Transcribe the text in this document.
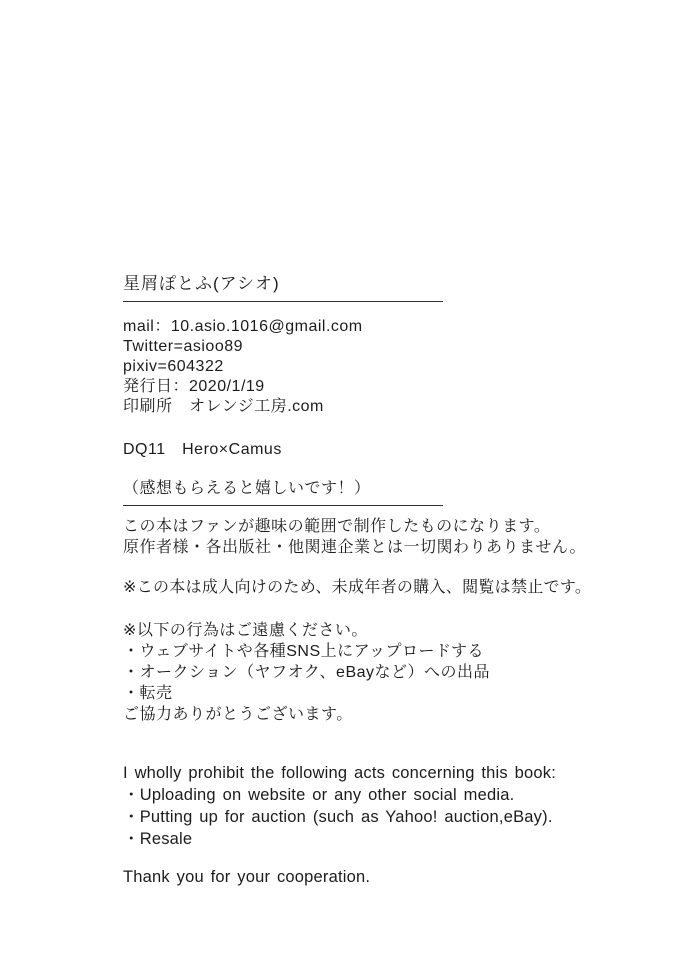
星屑ぽとふ(アシオ)
mail：10.asio.1016@gmail.com
Twitter=asioo89
pixiv=604322
発行日：2020/1/19
印刷所　オレンジ工房.com
DQ11　Hero×Camus
（感想もらえると嬉しいです！）
この本はファンが趣味の範囲で制作したものになります。
原作者様・各出版社・他関連企業とは一切関わりありません。
※この本は成人向けのため、未成年者の購入、閲覧は禁止です。
※以下の行為はご遠慮ください。
・ウェブサイトや各種SNS上にアップロードする
・オークション（ヤフオク、eBayなど）への出品
・転売
ご協力ありがとうございます。
I wholly prohibit the following acts concerning this book:
・Uploading on website or any other social media.
・Putting up for auction (such as Yahoo! auction,eBay).
・Resale
Thank you for your cooperation.
